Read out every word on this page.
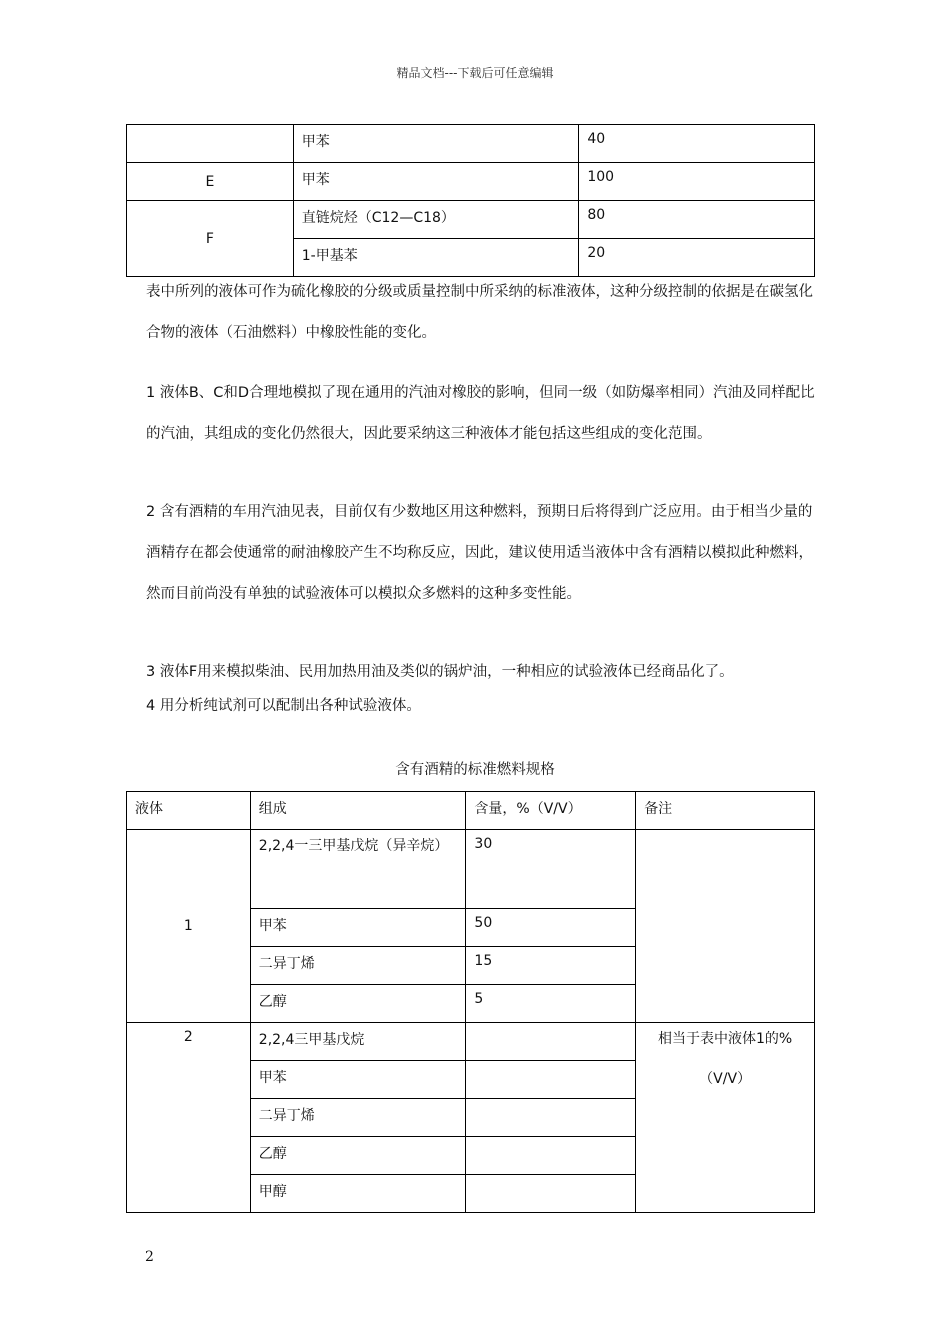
精品文档---下载后可任意编辑

	甲苯	40

E	甲苯	100

F	直链烷烃（C12—C18）	80

	1-甲基苯	20
表中所列的液体可作为硫化橡胶的分级或质量控制中所采纳的标准液体，这种分级控制的依据是在碳氢化合物的液体（石油燃料）中橡胶性能的变化。
1 液体B、C和D合理地模拟了现在通用的汽油对橡胶的影响，但同一级（如防爆率相同）汽油及同样配比的汽油，其组成的变化仍然很大，因此要采纳这三种液体才能包括这些组成的变化范围。
2 含有酒精的车用汽油见表，目前仅有少数地区用这种燃料，预期日后将得到广泛应用。由于相当少量的酒精存在都会使通常的耐油橡胶产生不均称反应，因此，建议使用适当液体中含有酒精以模拟此种燃料，然而目前尚没有单独的试验液体可以模拟众多燃料的这种多变性能。
3 液体F用来模拟柴油、民用加热用油及类似的锅炉油，一种相应的试验液体已经商品化了。
4 用分析纯试剂可以配制出各种试验液体。
含有酒精的标准燃料规格
液体	组成	含量，%（V/V）	备注

1	2,2,4一三甲基戊烷（异辛烷）	30	

	甲苯	50	

	二异丁烯	15	

	乙醇	5	

2	2,2,4三甲基戊烷		相当于表中液体1的% （V/V）

	甲苯		

	二异丁烯		

	乙醇		

	甲醇		

2
